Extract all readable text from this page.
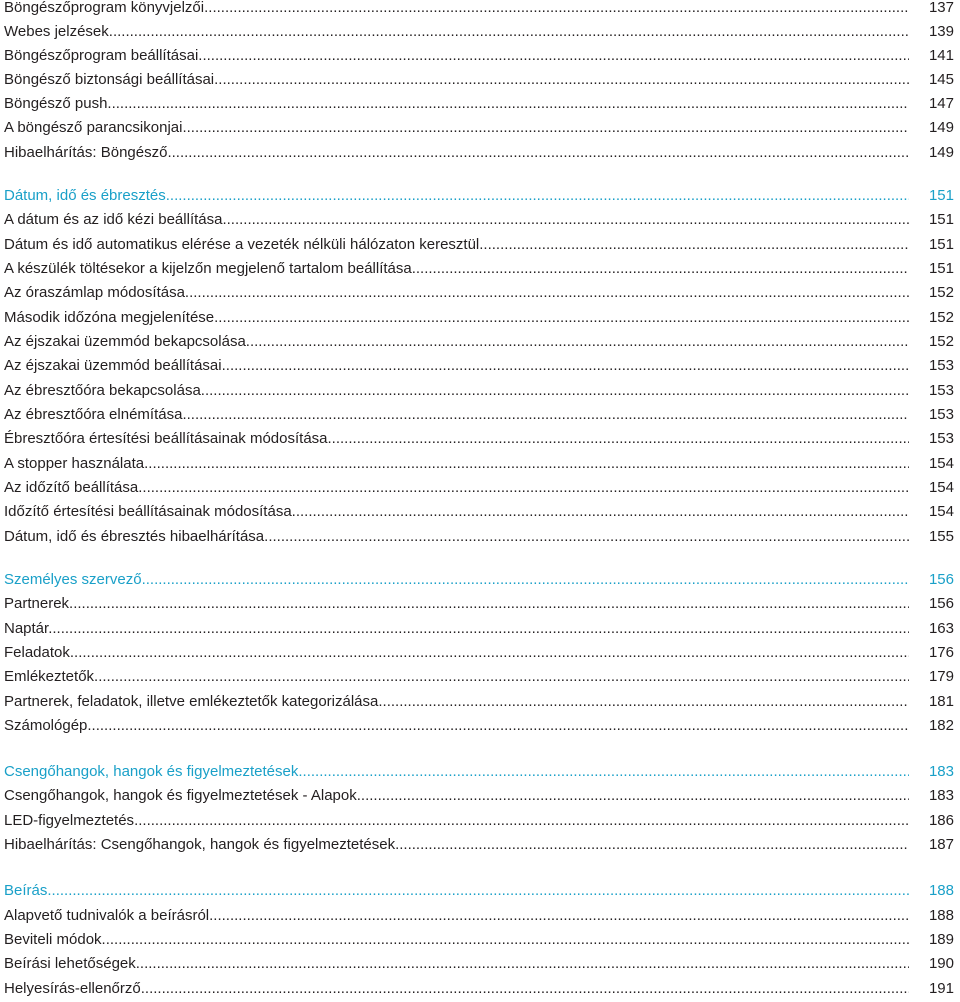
Böngészőprogram könyvjelzői .....	137
Webes jelzések .....	139
Böngészőprogram beállításai .....	141
Böngésző biztonsági beállításai .....	145
Böngésző push .....	147
A böngésző parancsikonjai .....	149
Hibaelhárítás: Böngésző .....	149
Dátum, idő és ébresztés .....	151
A dátum és az idő kézi beállítása .....	151
Dátum és idő automatikus elérése a vezeték nélküli hálózaton keresztül .....	151
A készülék töltésekor a kijelzőn megjelenő tartalom beállítása .....	151
Az óraszámlap módosítása .....	152
Második időzóna megjelenítése .....	152
Az éjszakai üzemmód bekapcsolása .....	152
Az éjszakai üzemmód beállításai .....	153
Az ébresztőóra bekapcsolása .....	153
Az ébresztőóra elnémítása .....	153
Ébresztőóra értesítési beállításainak módosítása .....	153
A stopper használata .....	154
Az időzítő beállítása .....	154
Időzítő értesítési beállításainak módosítása .....	154
Dátum, idő és ébresztés hibaelhárítása .....	155
Személyes szervező .....	156
Partnerek .....	156
Naptár .....	163
Feladatok .....	176
Emlékeztetők .....	179
Partnerek, feladatok, illetve emlékeztetők kategorizálása .....	181
Számológép .....	182
Csengőhangok, hangok és figyelmeztetések .....	183
Csengőhangok, hangok és figyelmeztetések - Alapok .....	183
LED-figyelmeztetés .....	186
Hibaelhárítás: Csengőhangok, hangok és figyelmeztetések .....	187
Beírás .....	188
Alapvető tudnivalók a beírásról .....	188
Beviteli módok .....	189
Beírási lehetőségek .....	190
Helyesírás-ellenőrző .....	191
